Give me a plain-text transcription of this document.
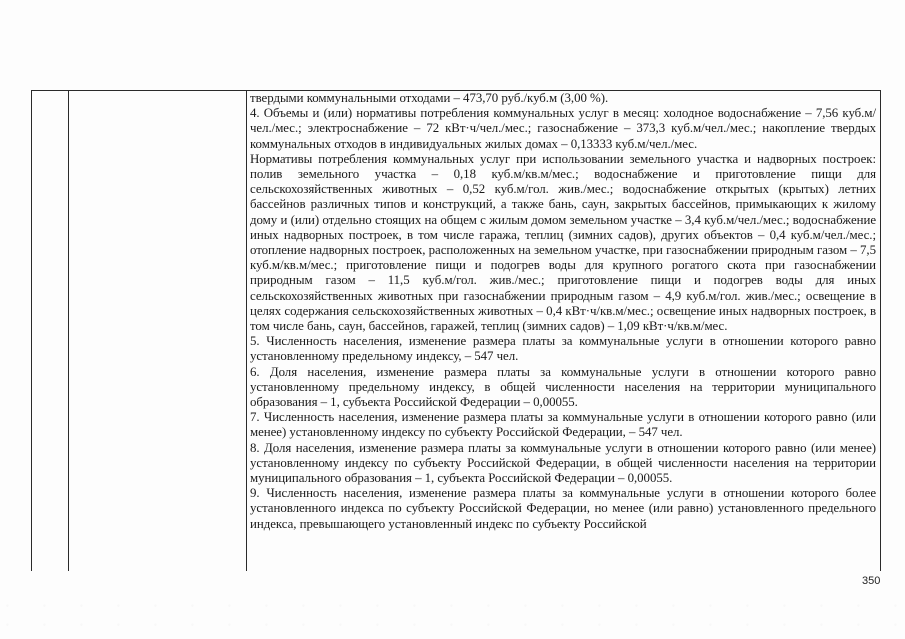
твердыми коммунальными отходами – 473,70 руб./куб.м (3,00 %).

4. Объемы и (или) нормативы потребления коммунальных услуг в месяц: холодное водоснабжение – 7,56 куб.м/чел./мес.; электроснабжение – 72 кВт·ч/чел./мес.; газоснабжение – 373,3 куб.м/чел./мес.; накопление твердых коммунальных отходов в индивидуальных жилых домах – 0,13333 куб.м/чел./мес.

Нормативы потребления коммунальных услуг при использовании земельного участка и надворных построек: полив земельного участка – 0,18 куб.м/кв.м/мес.; водоснабжение и приготовление пищи для сельскохозяйственных животных – 0,52 куб.м/гол. жив./мес.; водоснабжение открытых (крытых) летних бассейнов различных типов и конструкций, а также бань, саун, закрытых бассейнов, примыкающих к жилому дому и (или) отдельно стоящих на общем с жилым домом земельном участке – 3,4 куб.м/чел./мес.; водоснабжение иных надворных построек, в том числе гаража, теплиц (зимних садов), других объектов – 0,4 куб.м/чел./мес.; отопление надворных построек, расположенных на земельном участке, при газоснабжении природным газом – 7,5 куб.м/кв.м/мес.; приготовление пищи и подогрев воды для крупного рогатого скота при газоснабжении природным газом – 11,5 куб.м/гол. жив./мес.; приготовление пищи и подогрев воды для иных сельскохозяйственных животных при газоснабжении природным газом – 4,9 куб.м/гол. жив./мес.; освещение в целях содержания сельскохозяйственных животных – 0,4 кВт·ч/кв.м/мес.; освещение иных надворных построек, в том числе бань, саун, бассейнов, гаражей, теплиц (зимних садов) – 1,09 кВт·ч/кв.м/мес.

5. Численность населения, изменение размера платы за коммунальные услуги в отношении которого равно установленному предельному индексу, – 547 чел.

6. Доля населения, изменение размера платы за коммунальные услуги в отношении которого равно установленному предельному индексу, в общей численности населения на территории муниципального образования – 1, субъекта Российской Федерации – 0,00055.

7. Численность населения, изменение размера платы за коммунальные услуги в отношении которого равно (или менее) установленному индексу по субъекту Российской Федерации, – 547 чел.

8. Доля населения, изменение размера платы за коммунальные услуги в отношении которого равно (или менее) установленному индексу по субъекту Российской Федерации, в общей численности населения на территории муниципального образования – 1, субъекта Российской Федерации – 0,00055.

9. Численность населения, изменение размера платы за коммунальные услуги в отношении которого более установленного индекса по субъекту Российской Федерации, но менее (или равно) установленного предельного индекса, превышающего установленный индекс по субъекту Российской

350
